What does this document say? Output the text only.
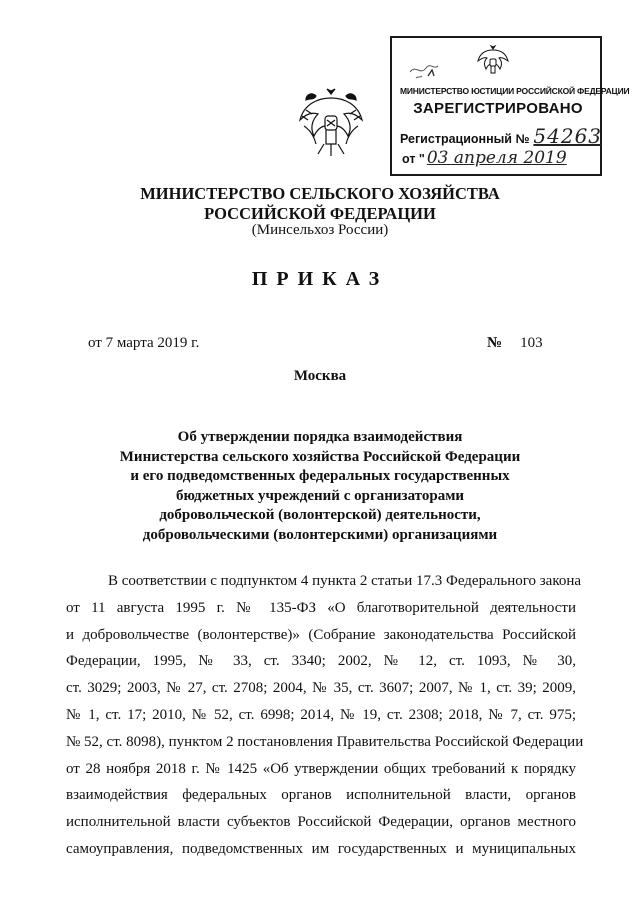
МИНИСТЕРСТВО ЮСТИЦИИ РОССИЙСКОЙ ФЕДЕРАЦИИ
ЗАРЕГИСТРИРОВАНО
Регистрационный № 54263
от " 03 апреля 2019
МИНИСТЕРСТВО СЕЛЬСКОГО ХОЗЯЙСТВА
РОССИЙСКОЙ ФЕДЕРАЦИИ
(Минсельхоз России)
ПРИКАЗ
от 7 марта 2019 г.	№ 103
Москва
Об утверждении порядка взаимодействия
Министерства сельского хозяйства Российской Федерации
и его подведомственных федеральных государственных
бюджетных учреждений с организаторами
добровольческой (волонтерской) деятельности,
добровольческими (волонтерскими) организациями
В соответствии с подпунктом 4 пункта 2 статьи 17.3 Федерального закона
от 11 августа 1995 г. № 135-ФЗ «О благотворительной деятельности
и добровольчестве (волонтерстве)» (Собрание законодательства Российской
Федерации, 1995, № 33, ст. 3340; 2002, № 12, ст. 1093, № 30,
ст. 3029; 2003, № 27, ст. 2708; 2004, № 35, ст. 3607; 2007, № 1, ст. 39; 2009,
№ 1, ст. 17; 2010, № 52, ст. 6998; 2014, № 19, ст. 2308; 2018, № 7, ст. 975;
№ 52, ст. 8098), пунктом 2 постановления Правительства Российской Федерации
от 28 ноября 2018 г. № 1425 «Об утверждении общих требований к порядку
взаимодействия федеральных органов исполнительной власти, органов
исполнительной власти субъектов Российской Федерации, органов местного
самоуправления, подведомственных им государственных и муниципальных
